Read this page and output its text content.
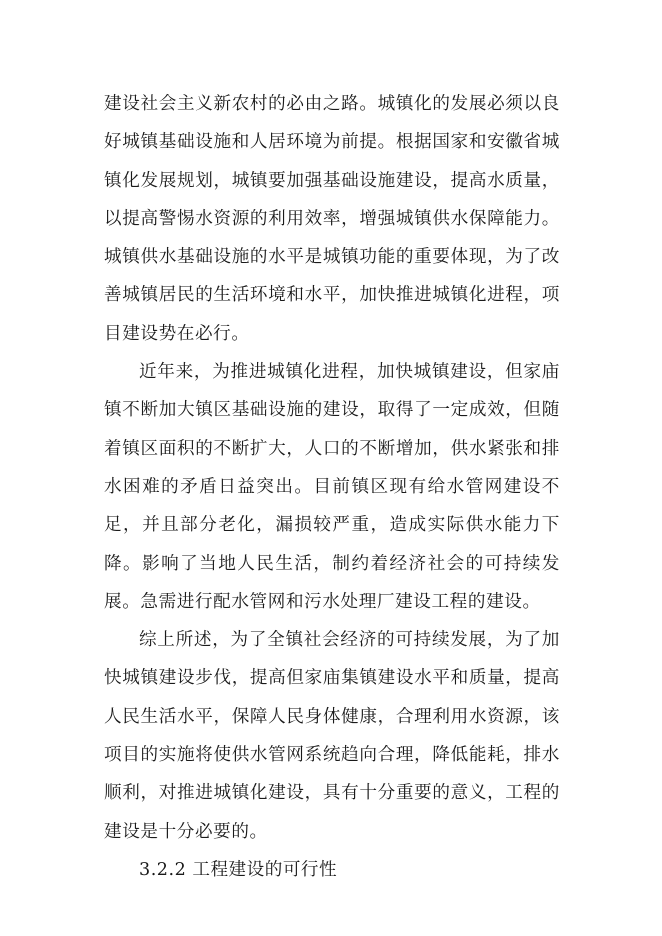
建设社会主义新农村的必由之路。城镇化的发展必须以良好城镇基础设施和人居环境为前提。根据国家和安徽省城镇化发展规划，城镇要加强基础设施建设，提高水质量，以提高警惕水资源的利用效率，增强城镇供水保障能力。城镇供水基础设施的水平是城镇功能的重要体现，为了改善城镇居民的生活环境和水平，加快推进城镇化进程，项目建设势在必行。

近年来，为推进城镇化进程，加快城镇建设，但家庙镇不断加大镇区基础设施的建设，取得了一定成效，但随着镇区面积的不断扩大，人口的不断增加，供水紧张和排水困难的矛盾日益突出。目前镇区现有给水管网建设不足，并且部分老化，漏损较严重，造成实际供水能力下降。影响了当地人民生活，制约着经济社会的可持续发展。急需进行配水管网和污水处理厂建设工程的建设。

综上所述，为了全镇社会经济的可持续发展，为了加快城镇建设步伐，提高但家庙集镇建设水平和质量，提高人民生活水平，保障人民身体健康，合理利用水资源，该项目的实施将使供水管网系统趋向合理，降低能耗，排水顺利，对推进城镇化建设，具有十分重要的意义，工程的建设是十分必要的。

3.2.2 工程建设的可行性
